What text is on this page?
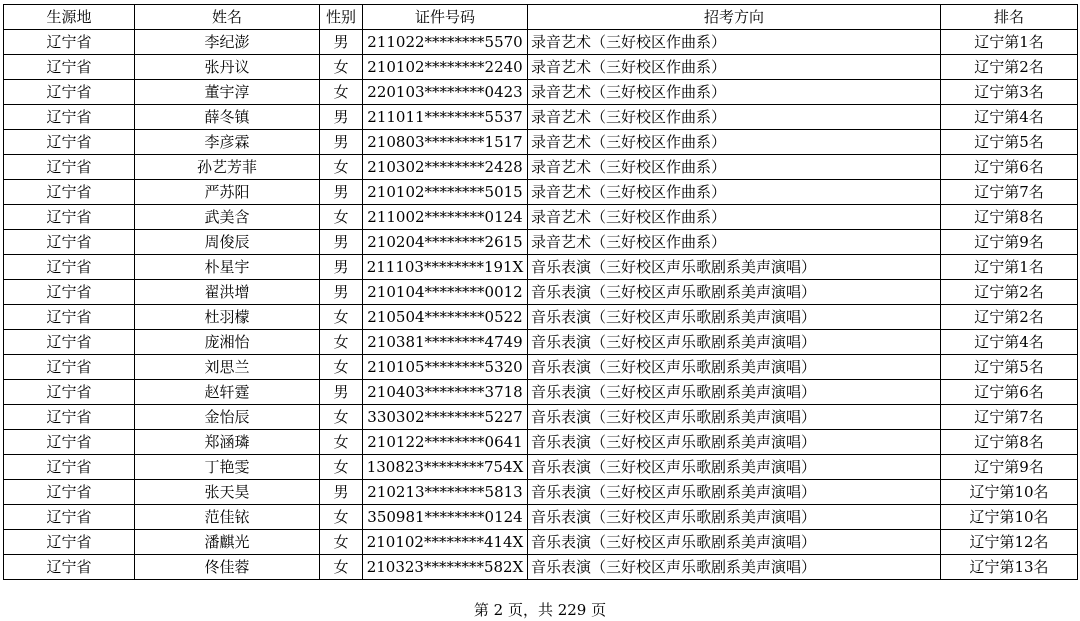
生源地	姓名	性别	证件号码	招考方向	排名
辽宁省	李纪澎	男	211022********5570	录音艺术（三好校区作曲系）	辽宁第1名
辽宁省	张丹议	女	210102********2240	录音艺术（三好校区作曲系）	辽宁第2名
辽宁省	董宇淳	女	220103********0423	录音艺术（三好校区作曲系）	辽宁第3名
辽宁省	薛冬镇	男	211011********5537	录音艺术（三好校区作曲系）	辽宁第4名
辽宁省	李彦霖	男	210803********1517	录音艺术（三好校区作曲系）	辽宁第5名
辽宁省	孙艺芳菲	女	210302********2428	录音艺术（三好校区作曲系）	辽宁第6名
辽宁省	严苏阳	男	210102********5015	录音艺术（三好校区作曲系）	辽宁第7名
辽宁省	武美含	女	211002********0124	录音艺术（三好校区作曲系）	辽宁第8名
辽宁省	周俊辰	男	210204********2615	录音艺术（三好校区作曲系）	辽宁第9名
辽宁省	朴星宇	男	211103********191X	音乐表演（三好校区声乐歌剧系美声演唱）	辽宁第1名
辽宁省	翟洪增	男	210104********0012	音乐表演（三好校区声乐歌剧系美声演唱）	辽宁第2名
辽宁省	杜羽檬	女	210504********0522	音乐表演（三好校区声乐歌剧系美声演唱）	辽宁第2名
辽宁省	庞湘怡	女	210381********4749	音乐表演（三好校区声乐歌剧系美声演唱）	辽宁第4名
辽宁省	刘思兰	女	210105********5320	音乐表演（三好校区声乐歌剧系美声演唱）	辽宁第5名
辽宁省	赵轩霆	男	210403********3718	音乐表演（三好校区声乐歌剧系美声演唱）	辽宁第6名
辽宁省	金怡辰	女	330302********5227	音乐表演（三好校区声乐歌剧系美声演唱）	辽宁第7名
辽宁省	郑涵璘	女	210122********0641	音乐表演（三好校区声乐歌剧系美声演唱）	辽宁第8名
辽宁省	丁艳雯	女	130823********754X	音乐表演（三好校区声乐歌剧系美声演唱）	辽宁第9名
辽宁省	张天昊	男	210213********5813	音乐表演（三好校区声乐歌剧系美声演唱）	辽宁第10名
辽宁省	范佳铱	女	350981********0124	音乐表演（三好校区声乐歌剧系美声演唱）	辽宁第10名
辽宁省	潘麒光	女	210102********414X	音乐表演（三好校区声乐歌剧系美声演唱）	辽宁第12名
辽宁省	佟佳蓉	女	210323********582X	音乐表演（三好校区声乐歌剧系美声演唱）	辽宁第13名
第 2 页，共 229 页
